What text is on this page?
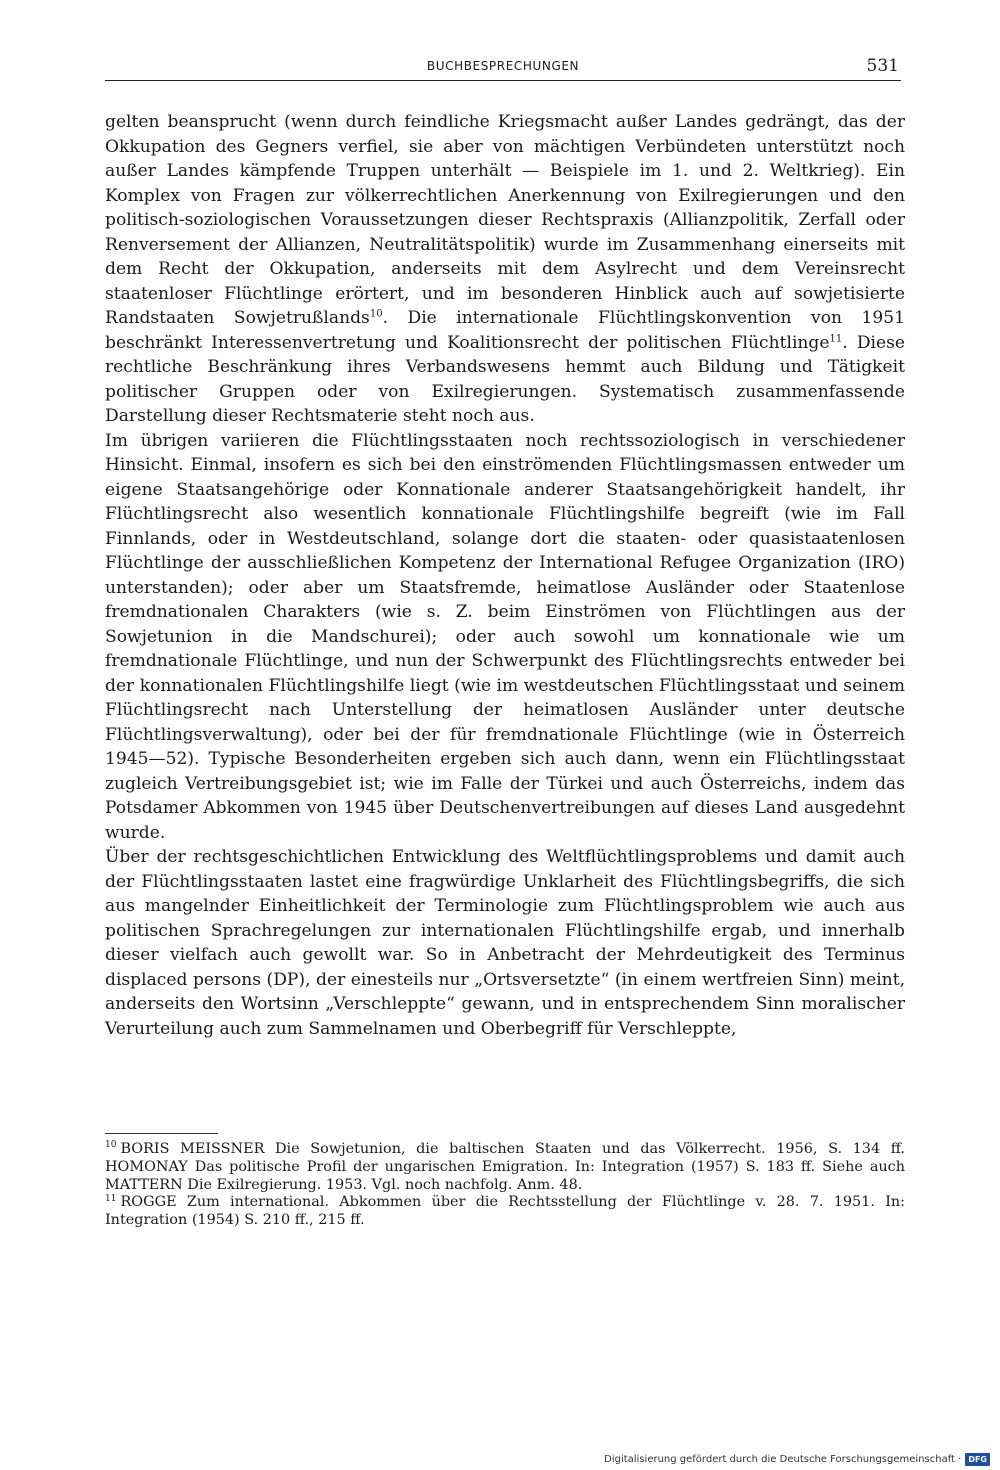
BUCHBESPRECHUNGEN	531

gelten beansprucht (wenn durch feindliche Kriegsmacht außer Landes gedrängt, das der Okkupation des Gegners verfiel, sie aber von mächtigen Verbündeten unterstützt noch außer Landes kämpfende Truppen unterhält — Beispiele im 1. und 2. Weltkrieg). Ein Komplex von Fragen zur völkerrechtlichen Anerkennung von Exilregierungen und den politisch-soziologischen Voraussetzungen dieser Rechtspraxis (Allianzpolitik, Zerfall oder Renversement der Allianzen, Neutralitätspolitik) wurde im Zusammenhang einerseits mit dem Recht der Okkupation, anderseits mit dem Asylrecht und dem Vereinsrecht staatenloser Flüchtlinge erörtert, und im besonderen Hinblick auch auf sowjetisierte Randstaaten Sowjetrußlands$^{10}$. Die internationale Flüchtlingskonvention von 1951 beschränkt Interessenvertretung und Koalitionsrecht der politischen Flüchtlinge$^{11}$. Diese rechtliche Beschränkung ihres Verbandswesens hemmt auch Bildung und Tätigkeit politischer Gruppen oder von Exilregierungen. Systematisch zusammenfassende Darstellung dieser Rechtsmaterie steht noch aus.

Im übrigen variieren die Flüchtlingsstaaten noch rechtssoziologisch in verschiedener Hinsicht. Einmal, insofern es sich bei den einströmenden Flüchtlingsmassen entweder um eigene Staatsangehörige oder Konnationale anderer Staatsangehörigkeit handelt, ihr Flüchtlingsrecht also wesentlich konnationale Flüchtlingshilfe begreift (wie im Fall Finnlands, oder in Westdeutschland, solange dort die staaten- oder quasistaatenlosen Flüchtlinge der ausschließlichen Kompetenz der International Refugee Organization (IRO) unterstanden); oder aber um Staatsfremde, heimatlose Ausländer oder Staatenlose fremdnationalen Charakters (wie s. Z. beim Einströmen von Flüchtlingen aus der Sowjetunion in die Mandschurei); oder auch sowohl um konnationale wie um fremdnationale Flüchtlinge, und nun der Schwerpunkt des Flüchtlingsrechts entweder bei der konnationalen Flüchtlingshilfe liegt (wie im westdeutschen Flüchtlingsstaat und seinem Flüchtlingsrecht nach Unterstellung der heimatlosen Ausländer unter deutsche Flüchtlingsverwaltung), oder bei der für fremdnationale Flüchtlinge (wie in Österreich 1945—52). Typische Besonderheiten ergeben sich auch dann, wenn ein Flüchtlingsstaat zugleich Vertreibungsgebiet ist; wie im Falle der Türkei und auch Österreichs, indem das Potsdamer Abkommen von 1945 über Deutschenvertreibungen auf dieses Land ausgedehnt wurde.

Über der rechtsgeschichtlichen Entwicklung des Weltflüchtlingsproblems und damit auch der Flüchtlingsstaaten lastet eine fragwürdige Unklarheit des Flüchtlingsbegriffs, die sich aus mangelnder Einheitlichkeit der Terminologie zum Flüchtlingsproblem wie auch aus politischen Sprachregelungen zur internationalen Flüchtlingshilfe ergab, und innerhalb dieser vielfach auch gewollt war. So in Anbetracht der Mehrdeutigkeit des Terminus displaced persons (DP), der einesteils nur „Ortsversetzte“ (in einem wertfreien Sinn) meint, anderseits den Wortsinn „Verschleppte“ gewann, und in entsprechendem Sinn moralischer Verurteilung auch zum Sammelnamen und Oberbegriff für Verschleppte,

$^{10}$ BORIS MEISSNER Die Sowjetunion, die baltischen Staaten und das Völkerrecht. 1956, S. 134 ff. HOMONAY Das politische Profil der ungarischen Emigration. In: Integration (1957) S. 183 ff. Siehe auch MATTERN Die Exilregierung. 1953. Vgl. noch nachfolg. Anm. 48.

$^{11}$ ROGGE Zum international. Abkommen über die Rechtsstellung der Flüchtlinge v. 28. 7. 1951. In: Integration (1954) S. 210 ff., 215 ff.

Digitalisierung gefördert durch die Deutsche Forschungsgemeinschaft · DFG
